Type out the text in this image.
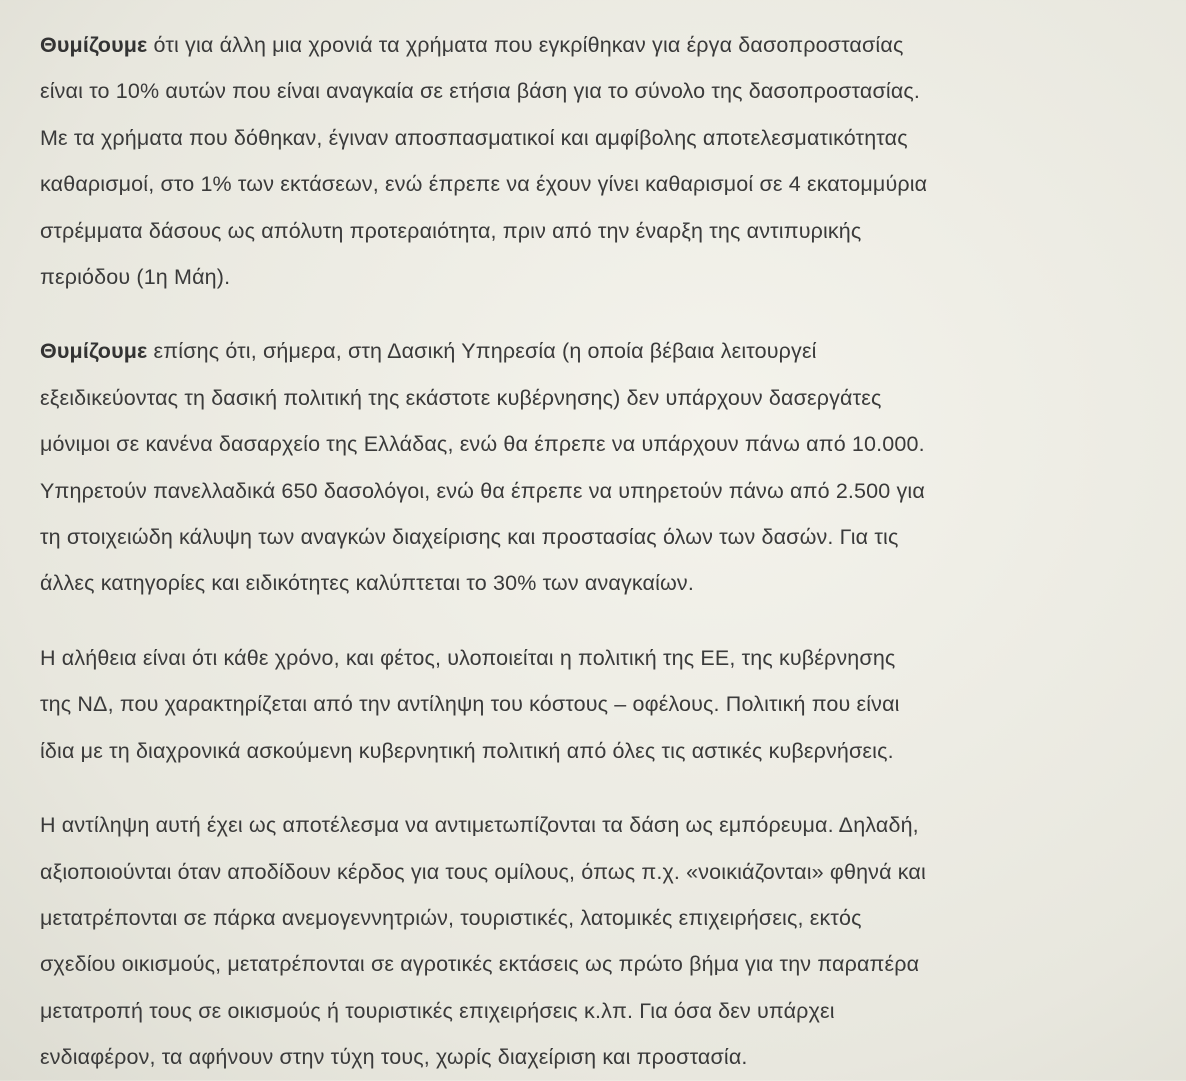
Θυμίζουμε ότι για άλλη μια χρονιά τα χρήματα που εγκρίθηκαν για έργα δασοπροστασίας
είναι το 10% αυτών που είναι αναγκαία σε ετήσια βάση για το σύνολο της δασοπροστασίας.
Με τα χρήματα που δόθηκαν, έγιναν αποσπασματικοί και αμφίβολης αποτελεσματικότητας
καθαρισμοί, στο 1% των εκτάσεων, ενώ έπρεπε να έχουν γίνει καθαρισμοί σε 4 εκατομμύρια
στρέμματα δάσους ως απόλυτη προτεραιότητα, πριν από την έναρξη της αντιπυρικής
περιόδου (1η Μάη).

Θυμίζουμε επίσης ότι, σήμερα, στη Δασική Υπηρεσία (η οποία βέβαια λειτουργεί
εξειδικεύοντας τη δασική πολιτική της εκάστοτε κυβέρνησης) δεν υπάρχουν δασεργάτες
μόνιμοι σε κανένα δασαρχείο της Ελλάδας, ενώ θα έπρεπε να υπάρχουν πάνω από 10.000.
Υπηρετούν πανελλαδικά 650 δασολόγοι, ενώ θα έπρεπε να υπηρετούν πάνω από 2.500 για
τη στοιχειώδη κάλυψη των αναγκών διαχείρισης και προστασίας όλων των δασών. Για τις
άλλες κατηγορίες και ειδικότητες καλύπτεται το 30% των αναγκαίων.

Η αλήθεια είναι ότι κάθε χρόνο, και φέτος, υλοποιείται η πολιτική της ΕΕ, της κυβέρνησης
της ΝΔ, που χαρακτηρίζεται από την αντίληψη του κόστους – οφέλους. Πολιτική που είναι
ίδια με τη διαχρονικά ασκούμενη κυβερνητική πολιτική από όλες τις αστικές κυβερνήσεις.

Η αντίληψη αυτή έχει ως αποτέλεσμα να αντιμετωπίζονται τα δάση ως εμπόρευμα. Δηλαδή,
αξιοποιούνται όταν αποδίδουν κέρδος για τους ομίλους, όπως π.χ. «νοικιάζονται» φθηνά και
μετατρέπονται σε πάρκα ανεμογεννητριών, τουριστικές, λατομικές επιχειρήσεις, εκτός
σχεδίου οικισμούς, μετατρέπονται σε αγροτικές εκτάσεις ως πρώτο βήμα για την παραπέρα
μετατροπή τους σε οικισμούς ή τουριστικές επιχειρήσεις κ.λπ. Για όσα δεν υπάρχει
ενδιαφέρον, τα αφήνουν στην τύχη τους, χωρίς διαχείριση και προστασία.
